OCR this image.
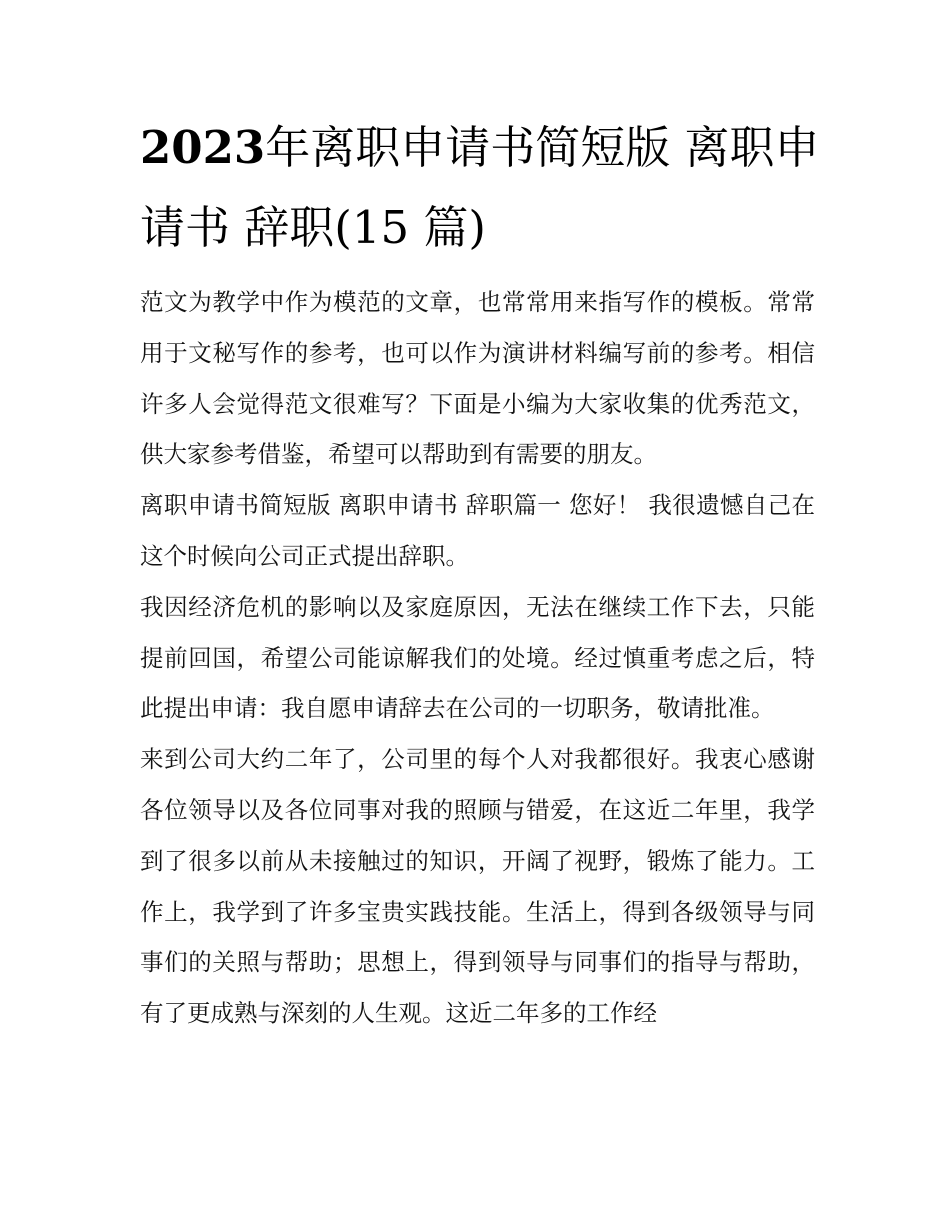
2023年离职申请书简短版 离职申请书 辞职(15 篇)

范文为教学中作为模范的文章，也常常用来指写作的模板。常常用于文秘写作的参考，也可以作为演讲材料编写前的参考。相信许多人会觉得范文很难写？下面是小编为大家收集的优秀范文，供大家参考借鉴，希望可以帮助到有需要的朋友。

离职申请书简短版 离职申请书 辞职篇一 您好！ 我很遗憾自己在这个时候向公司正式提出辞职。

我因经济危机的影响以及家庭原因，无法在继续工作下去，只能提前回国，希望公司能谅解我们的处境。经过慎重考虑之后，特此提出申请：我自愿申请辞去在公司的一切职务，敬请批准。

来到公司大约二年了，公司里的每个人对我都很好。我衷心感谢各位领导以及各位同事对我的照顾与错爱，在这近二年里，我学到了很多以前从未接触过的知识，开阔了视野，锻炼了能力。工作上，我学到了许多宝贵实践技能。生活上，得到各级领导与同事们的关照与帮助；思想上，得到领导与同事们的指导与帮助，有了更成熟与深刻的人生观。这近二年多的工作经
